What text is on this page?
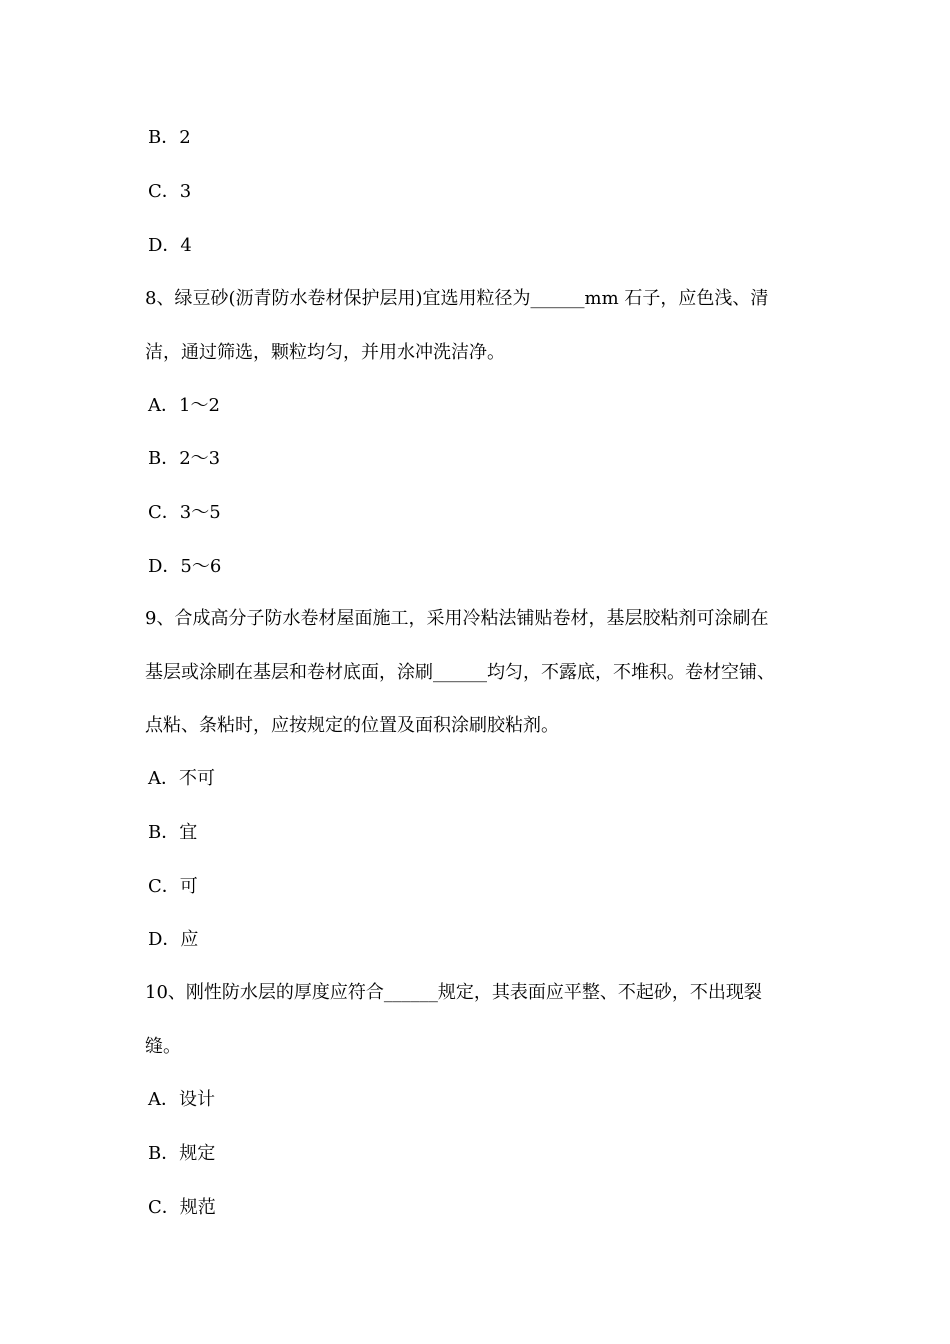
B．2
C．3
D．4
8、绿豆砂(沥青防水卷材保护层用)宜选用粒径为______mm 石子，应色浅、清
洁，通过筛选，颗粒均匀，并用水冲洗洁净。
A．1～2
B．2～3
C．3～5
D．5～6
9、合成高分子防水卷材屋面施工，采用冷粘法铺贴卷材，基层胶粘剂可涂刷在
基层或涂刷在基层和卷材底面，涂刷______均匀，不露底，不堆积。卷材空铺、
点粘、条粘时，应按规定的位置及面积涂刷胶粘剂。
A．不可
B．宜
C．可
D．应
10、刚性防水层的厚度应符合______规定，其表面应平整、不起砂，不出现裂
缝。
A．设计
B．规定
C．规范
